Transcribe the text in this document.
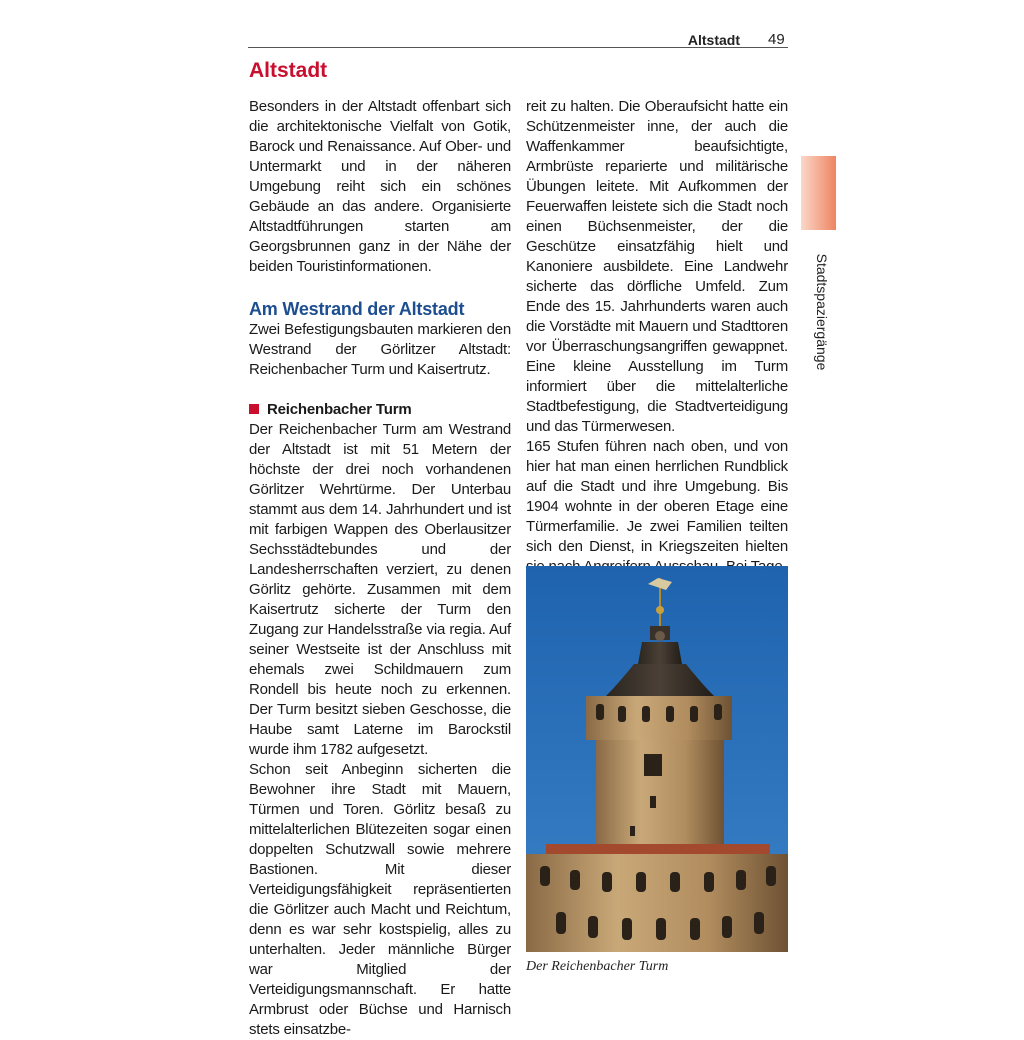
Altstadt 49
Altstadt
Stadtspaziergänge

Besonders in der Altstadt offenbart sich die architektonische Vielfalt von Gotik, Barock und Renaissance. Auf Ober- und Untermarkt und in der näheren Umgebung reiht sich ein schönes Gebäude an das andere. Organisierte Altstadtführungen starten am Georgsbrunnen ganz in der Nähe der beiden Touristinformationen.

Am Westrand der Altstadt

Zwei Befestigungsbauten markieren den Westrand der Görlitzer Altstadt: Reichenbacher Turm und Kaisertrutz.

Reichenbacher Turm

Der Reichenbacher Turm am Westrand der Altstadt ist mit 51 Metern der höchste der drei noch vorhandenen Görlitzer Wehrtürme. Der Unterbau stammt aus dem 14. Jahrhundert und ist mit farbigen Wappen des Oberlausitzer Sechsstädtebundes und der Landesherrschaften verziert, zu denen Görlitz gehörte. Zusammen mit dem Kaisertrutz sicherte der Turm den Zugang zur Handelsstraße via regia. Auf seiner Westseite ist der Anschluss mit ehemals zwei Schildmauern zum Rondell bis heute noch zu erkennen. Der Turm besitzt sieben Geschosse, die Haube samt Laterne im Barockstil wurde ihm 1782 aufgesetzt.

Schon seit Anbeginn sicherten die Bewohner ihre Stadt mit Mauern, Türmen und Toren. Görlitz besaß zu mittelalterlichen Blütezeiten sogar einen doppelten Schutzwall sowie mehrere Bastionen. Mit dieser Verteidigungsfähigkeit repräsentierten die Görlitzer auch Macht und Reichtum, denn es war sehr kostspielig, alles zu unterhalten. Jeder männliche Bürger war Mitglied der Verteidigungsmannschaft. Er hatte Armbrust oder Büchse und Harnisch stets einsatzbe-

reit zu halten. Die Oberaufsicht hatte ein Schützenmeister inne, der auch die Waffenkammer beaufsichtigte, Armbrüste reparierte und militärische Übungen leitete. Mit Aufkommen der Feuerwaffen leistete sich die Stadt noch einen Büchsenmeister, der die Geschütze einsatzfähig hielt und Kanoniere ausbildete. Eine Landwehr sicherte das dörfliche Umfeld. Zum Ende des 15. Jahrhunderts waren auch die Vorstädte mit Mauern und Stadttoren vor Überraschungsangriffen gewappnet. Eine kleine Ausstellung im Turm informiert über die mittelalterliche Stadtbefestigung, die Stadtverteidigung und das Türmerwesen.

165 Stufen führen nach oben, und von hier hat man einen herrlichen Rundblick auf die Stadt und ihre Umgebung. Bis 1904 wohnte in der oberen Etage eine Türmerfamilie. Je zwei Familien teilten sich den Dienst, in Kriegszeiten hielten

Der Reichenbacher Turm
